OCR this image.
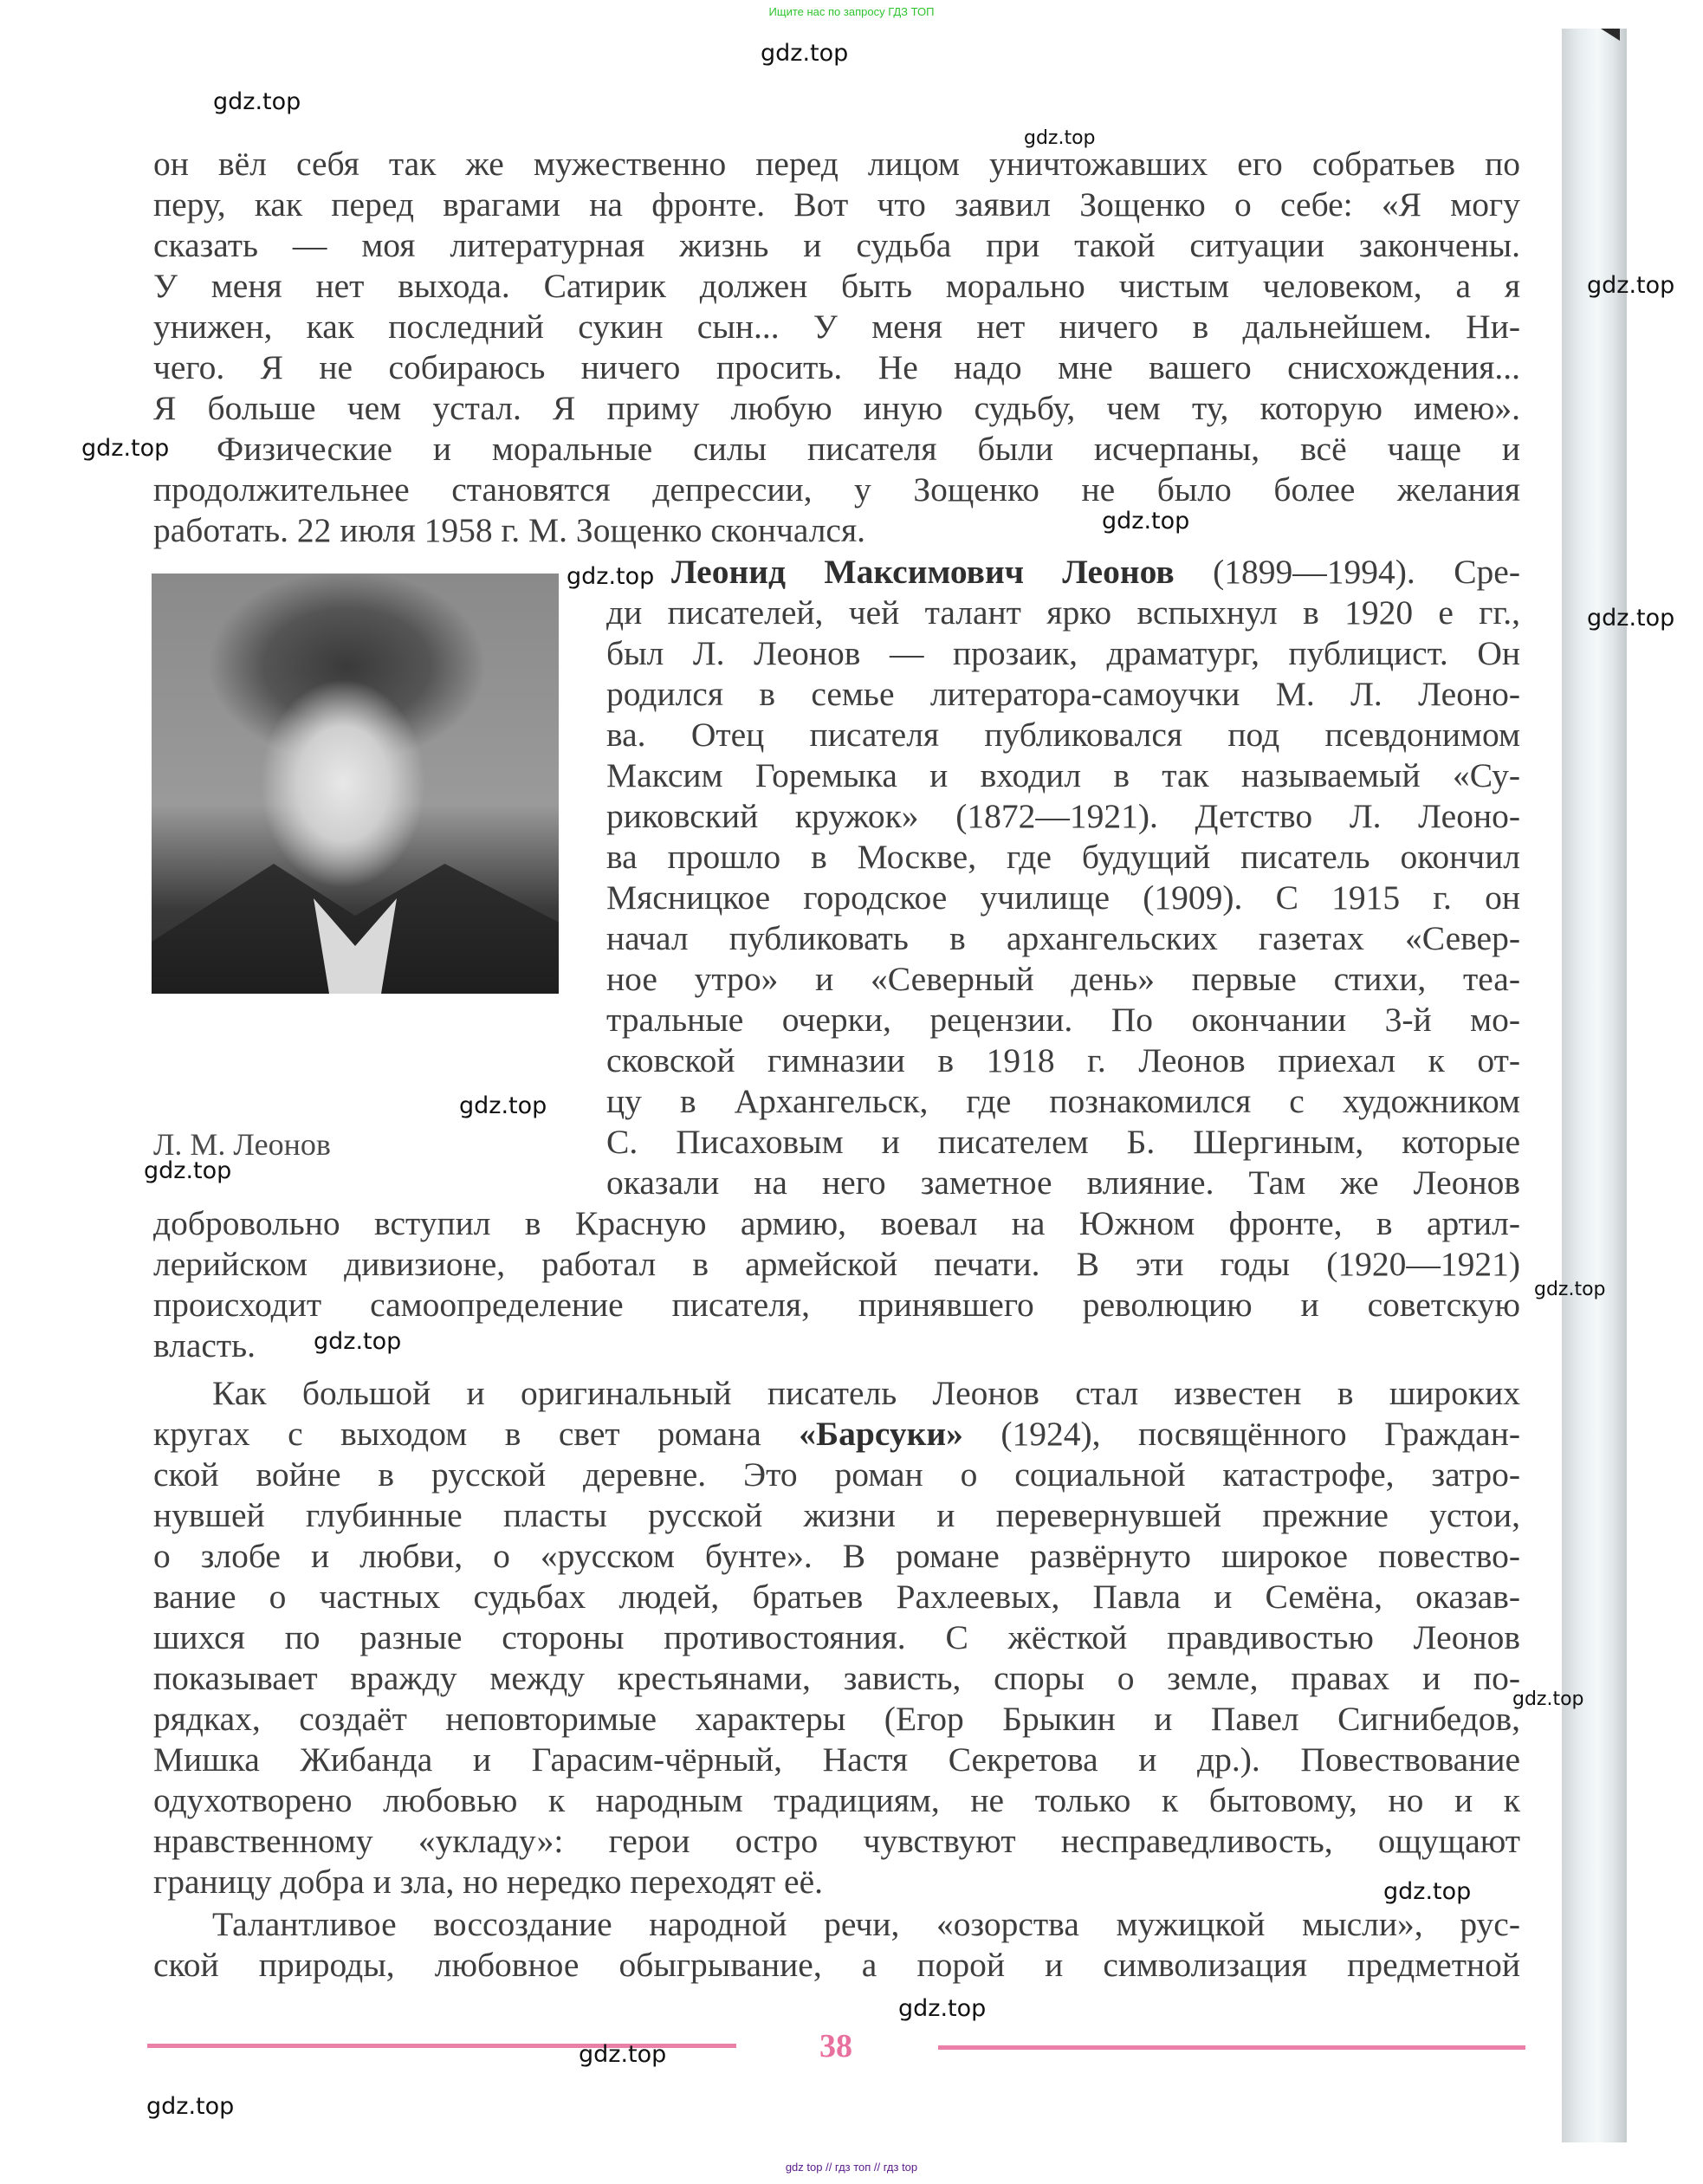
Ищите нас по запросу ГДЗ ТОП
он вёл себя так же мужественно перед лицом уничтожавших его собратьев по
перу, как перед врагами на фронте. Вот что заявил Зощенко о себе: «Я могу
сказать — моя литературная жизнь и судьба при такой ситуации закончены.
У меня нет выхода. Сатирик должен быть морально чистым человеком, а я
унижен, как последний сукин сын... У меня нет ничего в дальнейшем. Ни-
чего. Я не собираюсь ничего просить. Не надо мне вашего снисхождения...
Я больше чем устал. Я приму любую иную судьбу, чем ту, которую имею».
Физические и моральные силы писателя были исчерпаны, всё чаще и
продолжительнее становятся депрессии, у Зощенко не было более желания
работать. 22 июля 1958 г. М. Зощенко скончался.
Л. М. Леонов
Леонид Максимович Леонов (1899—1994). Сре-
ди писателей, чей талант ярко вспыхнул в 1920 е гг.,
был Л. Леонов — прозаик, драматург, публицист. Он
родился в семье литератора-самоучки М. Л. Леоно-
ва. Отец писателя публиковался под псевдонимом
Максим Горемыка и входил в так называемый «Су-
риковский кружок» (1872—1921). Детство Л. Леоно-
ва прошло в Москве, где будущий писатель окончил
Мясницкое городское училище (1909). С 1915 г. он
начал публиковать в архангельских газетах «Север-
ное утро» и «Северный день» первые стихи, теа-
тральные очерки, рецензии. По окончании 3-й мо-
сковской гимназии в 1918 г. Леонов приехал к от-
цу в Архангельск, где познакомился с художником
С. Писаховым и писателем Б. Шергиным, которые
оказали на него заметное влияние. Там же Леонов
добровольно вступил в Красную армию, воевал на Южном фронте, в артил-
лерийском дивизионе, работал в армейской печати. В эти годы (1920—1921)
происходит самоопределение писателя, принявшего революцию и советскую
власть.
Как большой и оригинальный писатель Леонов стал известен в широких
кругах с выходом в свет романа «Барсуки» (1924), посвящённого Граждан-
ской войне в русской деревне. Это роман о социальной катастрофе, затро-
нувшей глубинные пласты русской жизни и перевернувшей прежние устои,
о злобе и любви, о «русском бунте». В романе развёрнуто широкое повество-
вание о частных судьбах людей, братьев Рахлеевых, Павла и Семёна, оказав-
шихся по разные стороны противостояния. С жёсткой правдивостью Леонов
показывает вражду между крестьянами, зависть, споры о земле, правах и по-
рядках, создаёт неповторимые характеры (Егор Брыкин и Павел Сигнибедов,
Мишка Жибанда и Гарасим-чёрный, Настя Секретова и др.). Повествование
одухотворено любовью к народным традициям, не только к бытовому, но и к
нравственному «укладу»: герои остро чувствуют несправедливость, ощущают
границу добра и зла, но нередко переходят её.
Талантливое воссоздание народной речи, «озорства мужицкой мысли», рус-
ской природы, любовное обыгрывание, а порой и символизация предметной
38
gdz.top
gdz.top
gdz.top
gdz.top
gdz.top
gdz.top
gdz.top
gdz.top
gdz.top
gdz.top
gdz.top
gdz.top
gdz.top
gdz.top
gdz.top
gdz.top
gdz.top
gdz top // гдз топ // гдз top
